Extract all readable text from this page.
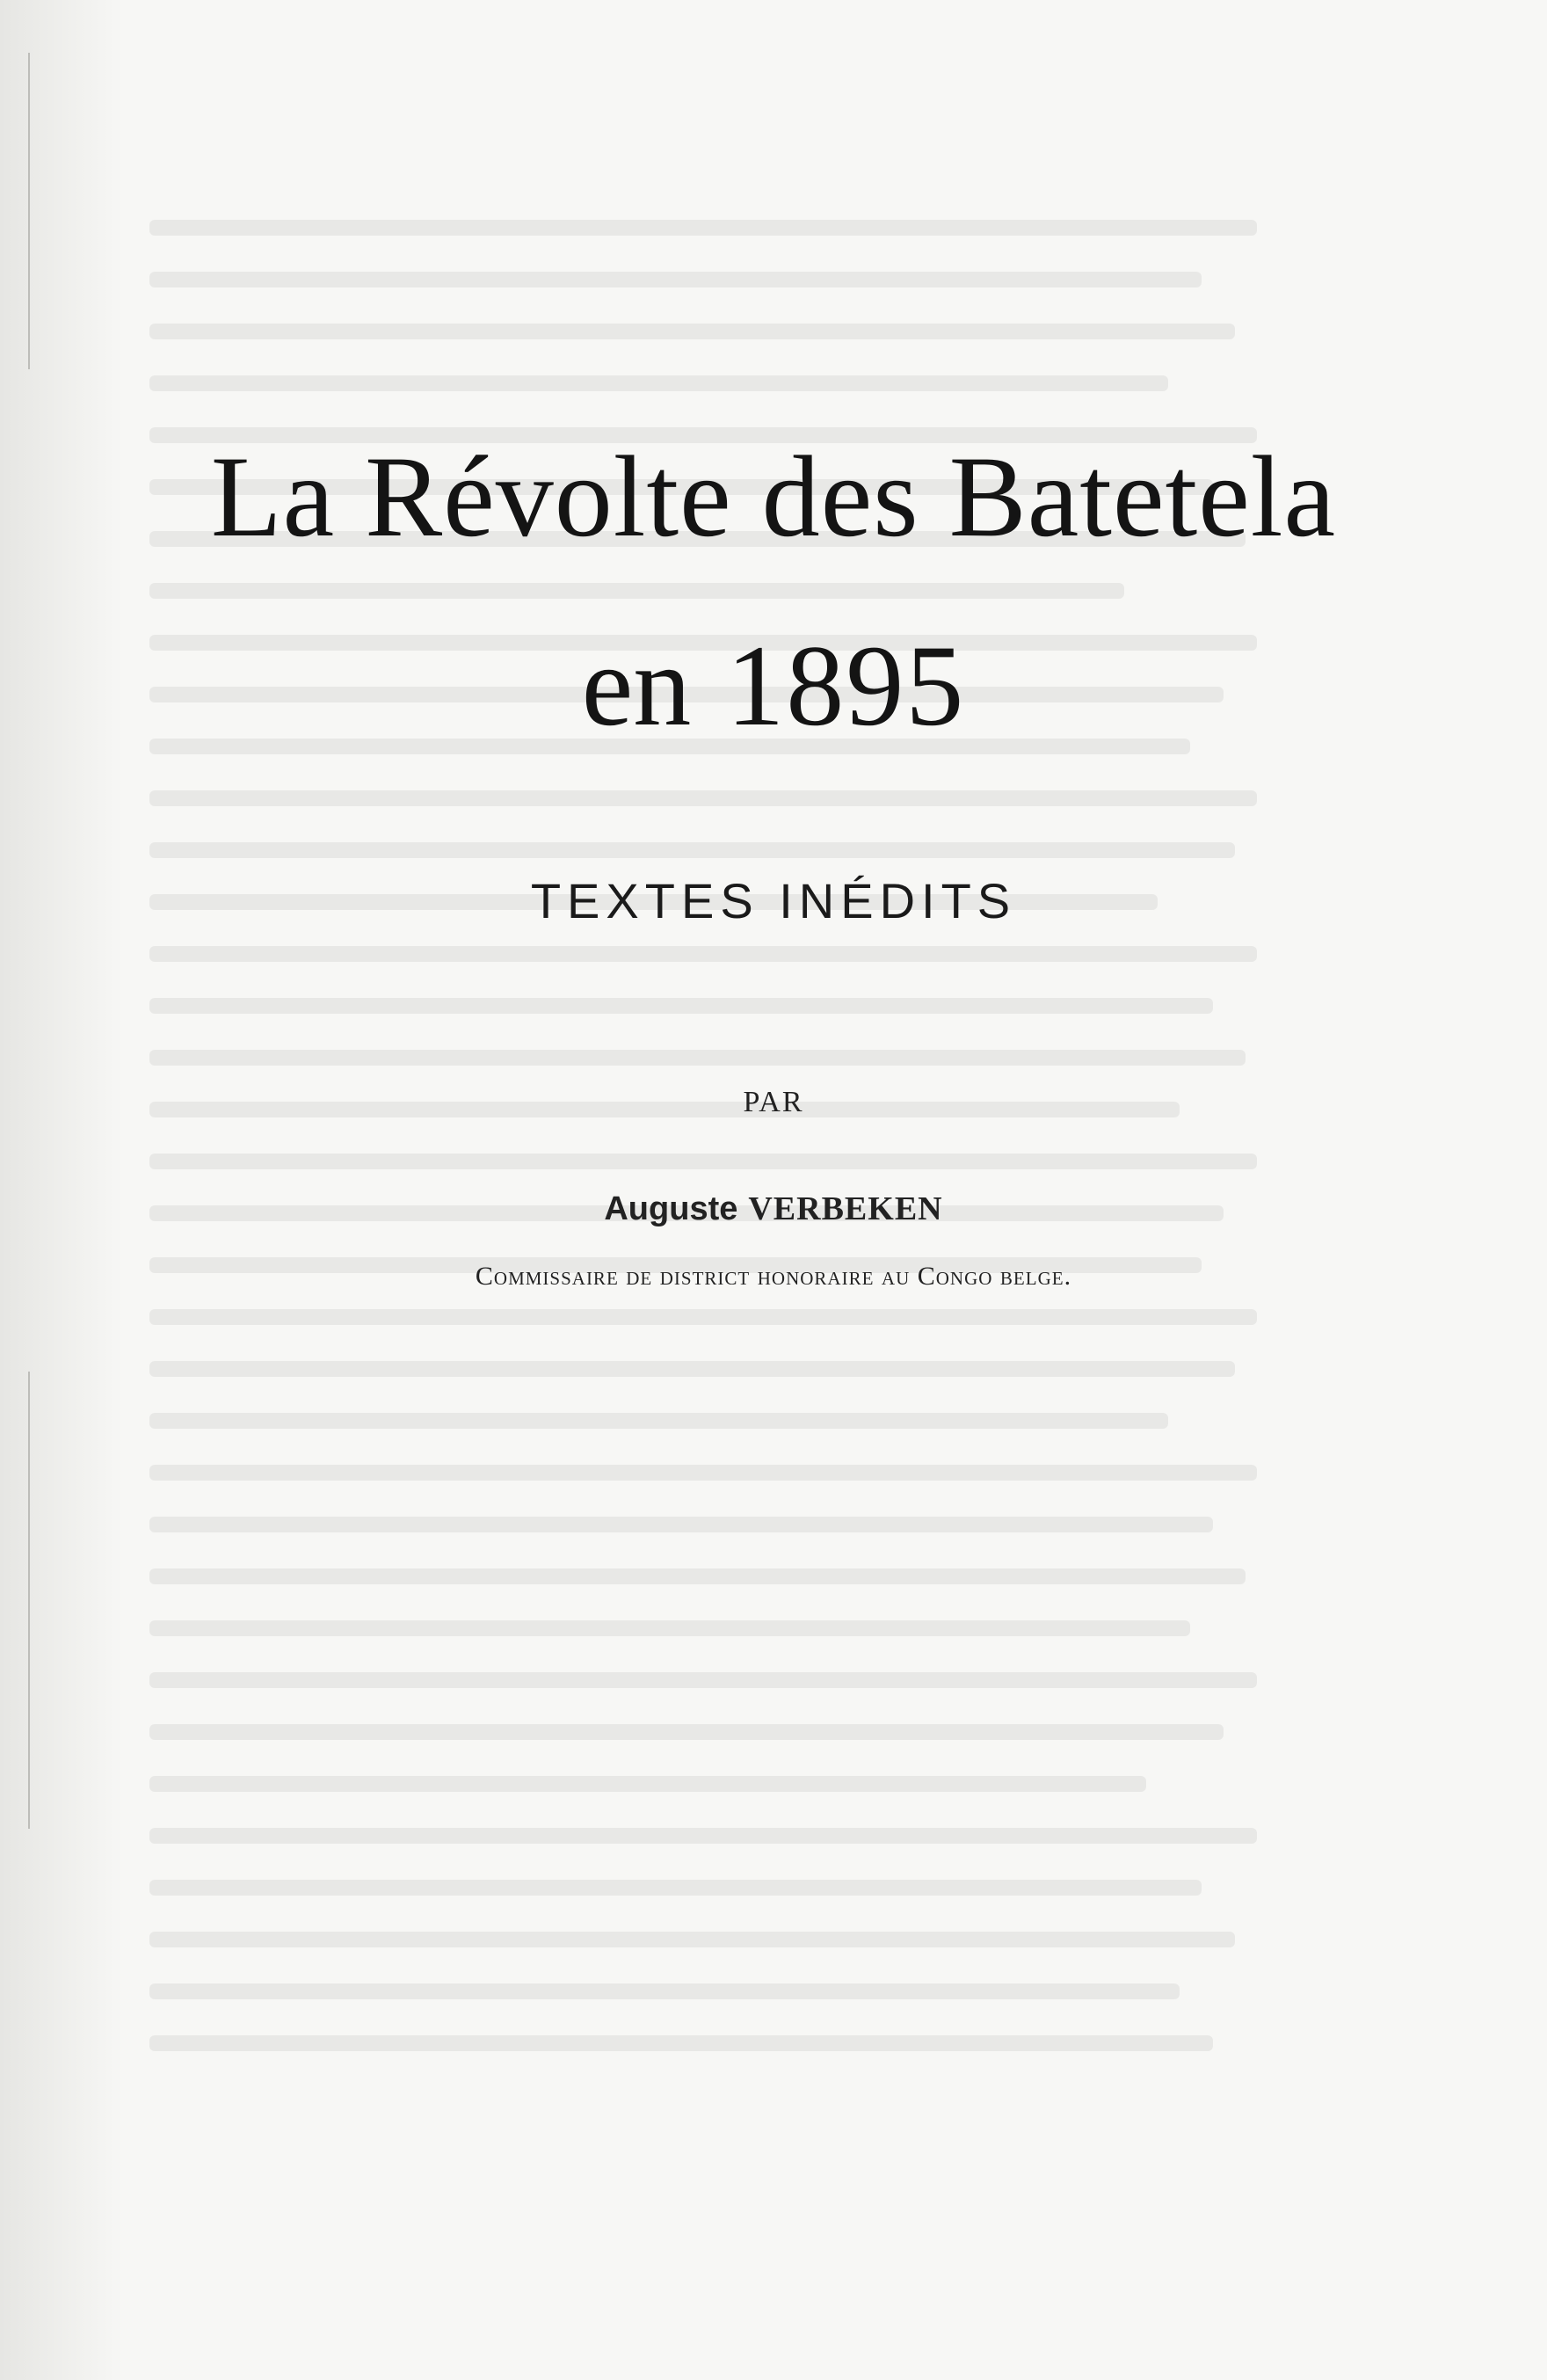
La Révolte des Batetela
en 1895
TEXTES INÉDITS
PAR
Auguste VERBEKEN
Commissaire de district honoraire au Congo belge.
